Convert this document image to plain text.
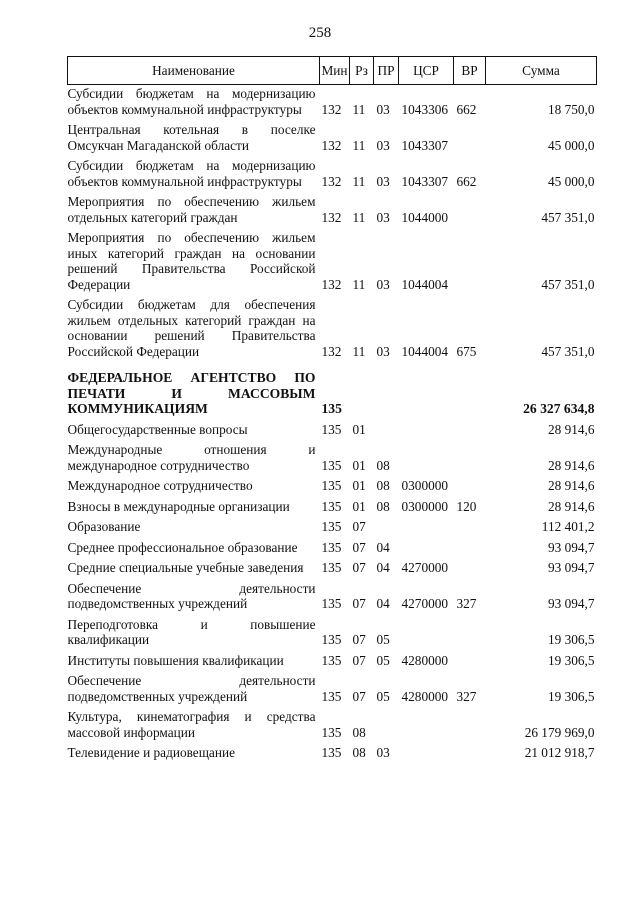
258
Наименование	Мин	Рз	ПР	ЦСР	ВР	Сумма
Субсидии бюджетам на модернизацию объектов коммунальной инфраструктуры	132	11	03	1043306	662	18 750,0
Центральная котельная в поселке Омсукчан Магаданской области	132	11	03	1043307		45 000,0
Субсидии бюджетам на модернизацию объектов коммунальной инфраструктуры	132	11	03	1043307	662	45 000,0
Мероприятия по обеспечению жильем отдельных категорий граждан	132	11	03	1044000		457 351,0
Мероприятия по обеспечению жильем иных категорий граждан на основании решений Правительства Российской Федерации	132	11	03	1044004		457 351,0
Субсидии бюджетам для обеспечения жильем отдельных категорий граждан на основании решений Правительства Российской Федерации	132	11	03	1044004	675	457 351,0
ФЕДЕРАЛЬНОЕ АГЕНТСТВО ПО ПЕЧАТИ И МАССОВЫМ КОММУНИКАЦИЯМ	135					26 327 634,8
Общегосударственные вопросы	135	01				28 914,6
Международные отношения и международное сотрудничество	135	01	08			28 914,6
Международное сотрудничество	135	01	08	0300000		28 914,6
Взносы в международные организации	135	01	08	0300000	120	28 914,6
Образование	135	07				112 401,2
Среднее профессиональное образование	135	07	04			93 094,7
Средние специальные учебные заведения	135	07	04	4270000		93 094,7
Обеспечение деятельности подведомственных учреждений	135	07	04	4270000	327	93 094,7
Переподготовка и повышение квалификации	135	07	05			19 306,5
Институты повышения квалификации	135	07	05	4280000		19 306,5
Обеспечение деятельности подведомственных учреждений	135	07	05	4280000	327	19 306,5
Культура, кинематография и средства массовой информации	135	08				26 179 969,0
Телевидение и радиовещание	135	08	03			21 012 918,7
